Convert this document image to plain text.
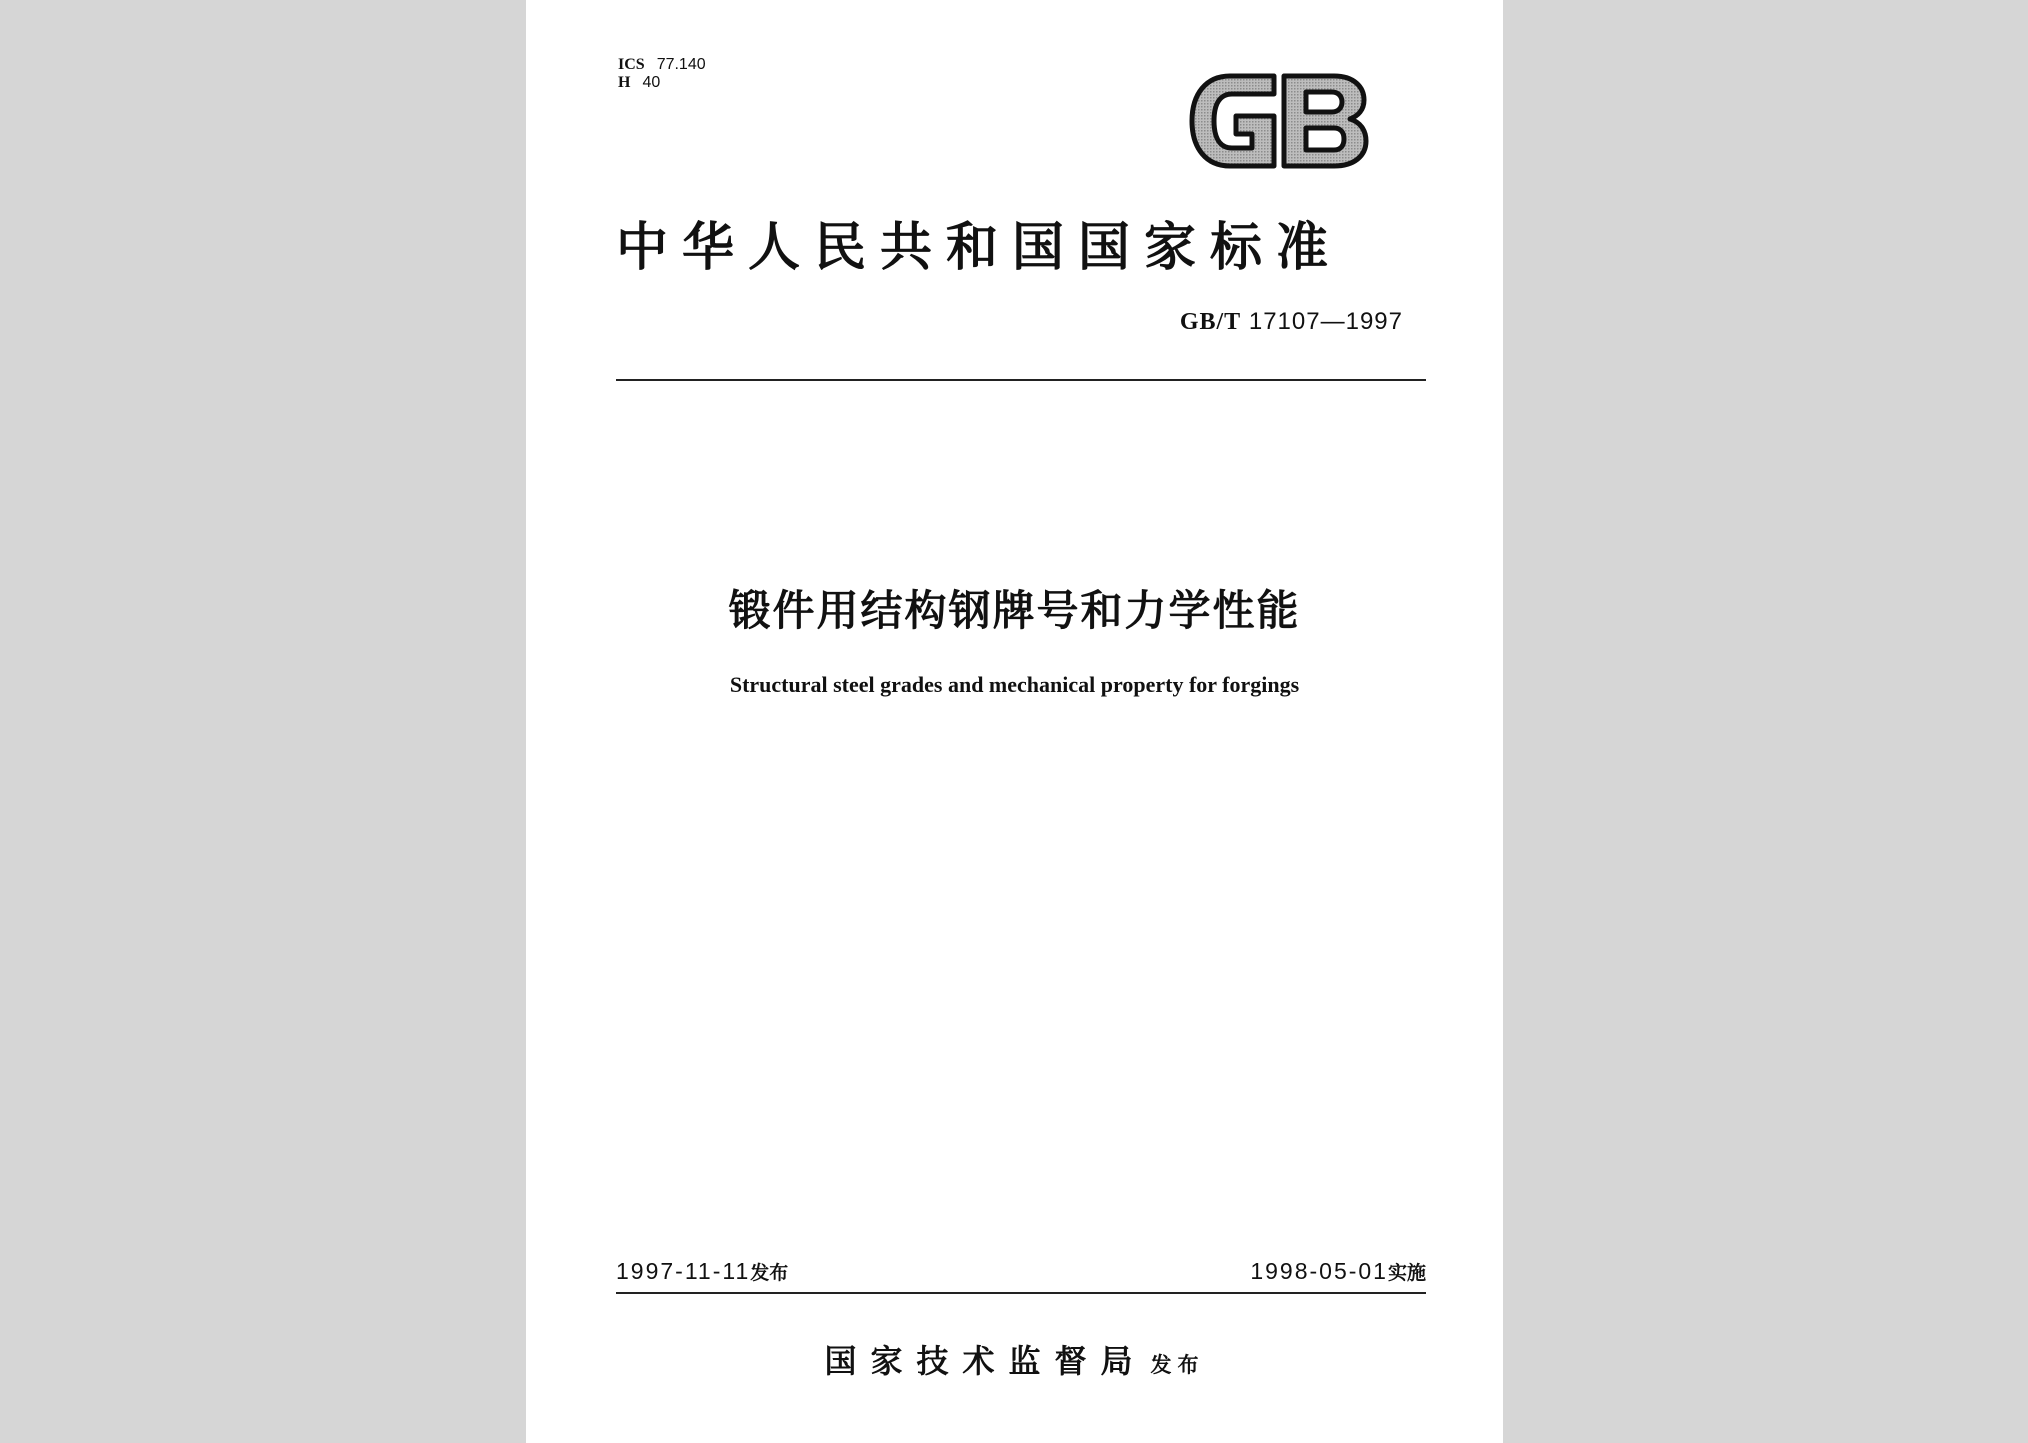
ICS 77.140
H 40
中华人民共和国国家标准
GB/T 17107—1997
锻件用结构钢牌号和力学性能
Structural steel grades and mechanical property for forgings
1997-11-11发布	1998-05-01实施
国家技术监督局 发布
